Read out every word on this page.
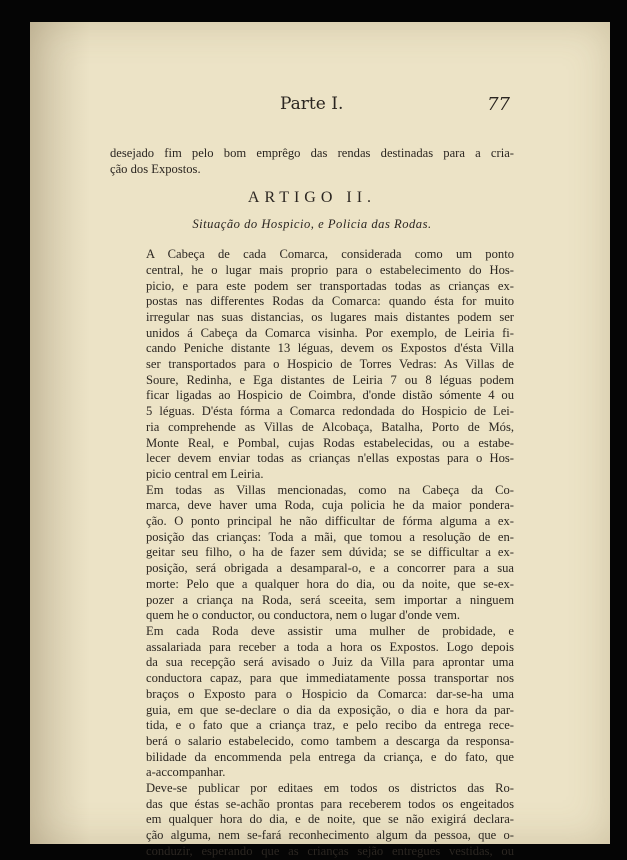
Parte I.	77

desejado fim pelo bom emprêgo das rendas destinadas para a cria-
ção dos Expostos.

ARTIGO II.
Situação do Hospicio, e Policia das Rodas.

A Cabeça de cada Comarca, considerada como um ponto
central, he o lugar mais proprio para o estabelecimento do Hos-
picio, e para este podem ser transportadas todas as crianças ex-
postas nas differentes Rodas da Comarca: quando ésta for muito
irregular nas suas distancias, os lugares mais distantes podem ser
unidos á Cabeça da Comarca visinha. Por exemplo, de Leiria fi-
cando Peniche distante 13 léguas, devem os Expostos d'ésta Villa
ser transportados para o Hospicio de Torres Vedras: As Villas de
Soure, Redinha, e Ega distantes de Leiria 7 ou 8 léguas podem
ficar ligadas ao Hospicio de Coimbra, d'onde distão sómente 4 ou
5 léguas. D'ésta fórma a Comarca redondada do Hospicio de Lei-
ria comprehende as Villas de Alcobaça, Batalha, Porto de Mós,
Monte Real, e Pombal, cujas Rodas estabelecidas, ou a estabe-
lecer devem enviar todas as crianças n'ellas expostas para o Hos-
picio central em Leiria.

Em todas as Villas mencionadas, como na Cabeça da Co-
marca, deve haver uma Roda, cuja policia he da maior pondera-
ção. O ponto principal he não difficultar de fórma alguma a ex-
posição das crianças: Toda a mãi, que tomou a resolução de en-
geitar seu filho, o ha de fazer sem dúvida; se se difficultar a ex-
posição, será obrigada a desamparal-o, e a concorrer para a sua
morte: Pelo que a qualquer hora do dia, ou da noite, que se-ex-
pozer a criança na Roda, será sceeita, sem importar a ninguem
quem he o conductor, ou conductora, nem o lugar d'onde vem.

Em cada Roda deve assistir uma mulher de probidade, e
assalariada para receber a toda a hora os Expostos. Logo depois
da sua recepção será avisado o Juiz da Villa para aprontar uma
conductora capaz, para que immediatamente possa transportar nos
braços o Exposto para o Hospicio da Comarca: dar-se-ha uma
guia, em que se-declare o dia da exposição, o dia e hora da par-
tida, e o fato que a criança traz, e pelo recibo da entrega rece-
berá o salario estabelecido, como tambem a descarga da responsa-
bilidade da encommenda pela entrega da criança, e do fato, que
a-accompanhar.

Deve-se publicar por editaes em todos os districtos das Ro-
das que éstas se-achão prontas para receberem todos os engeitados
em qualquer hora do dia, e de noite, que se não exigirá declara-
ção alguma, nem se-fará reconhecimento algum da pessoa, que o-
conduzir, esperando que as crianças sejão entregues vestidas, ou
